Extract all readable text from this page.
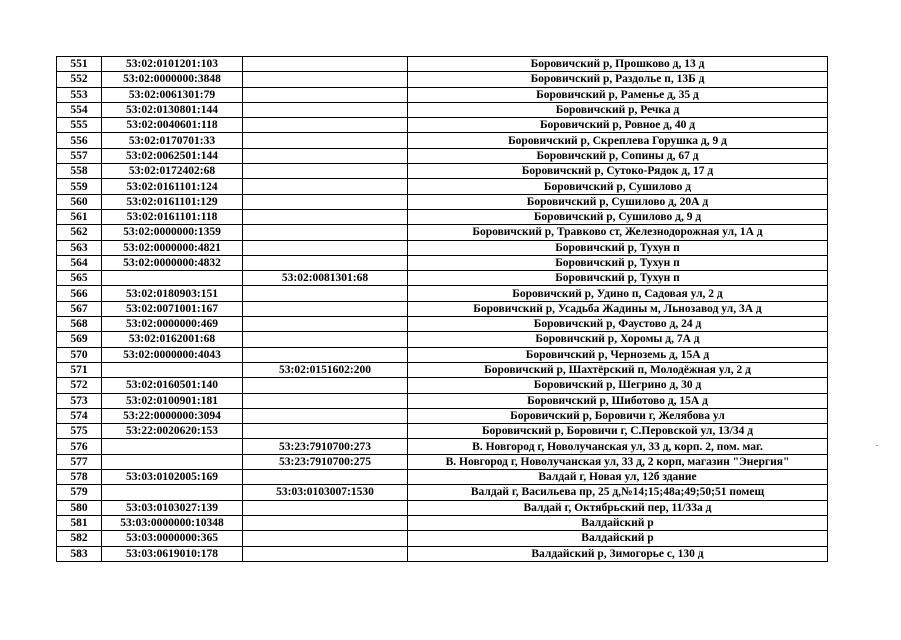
551	53:02:0101201:103		Боровичский р, Прошково д, 13 д
552	53:02:0000000:3848		Боровичский р, Раздолье п, 13Б д
553	53:02:0061301:79		Боровичский р, Раменье д, 35 д
554	53:02:0130801:144		Боровичский р, Речка д
555	53:02:0040601:118		Боровичский р, Ровное д, 40 д
556	53:02:0170701:33		Боровичский р, Скреплева Горушка д, 9 д
557	53:02:0062501:144		Боровичский р, Сопины д, 67 д
558	53:02:0172402:68		Боровичский р, Сутоко-Рядок д, 17 д
559	53:02:0161101:124		Боровичский р, Сушилово д
560	53:02:0161101:129		Боровичский р, Сушилово д, 20А д
561	53:02:0161101:118		Боровичский р, Сушилово д, 9 д
562	53:02:0000000:1359		Боровичский р, Травково ст, Железнодорожная ул, 1А д
563	53:02:0000000:4821		Боровичский р, Тухун п
564	53:02:0000000:4832		Боровичский р, Тухун п
565		53:02:0081301:68	Боровичский р, Тухун п
566	53:02:0180903:151		Боровичский р, Удино п, Садовая ул, 2 д
567	53:02:0071001:167		Боровичский р, Усадьба Жадины м, Льнозавод ул, 3А д
568	53:02:0000000:469		Боровичский р, Фаустово д, 24 д
569	53:02:0162001:68		Боровичский р, Хоромы д, 7А д
570	53:02:0000000:4043		Боровичский р, Черноземь д, 15А д
571		53:02:0151602:200	Боровичский р, Шахтёрский п, Молодёжная ул, 2 д
572	53:02:0160501:140		Боровичский р, Шегрино д, 30 д
573	53:02:0100901:181		Боровичский р, Шиботово д, 15А д
574	53:22:0000000:3094		Боровичский р, Боровичи г, Желябова ул
575	53:22:0020620:153		Боровичский р, Боровичи г, С.Перовской ул, 13/34 д
576		53:23:7910700:273	В. Новгород г, Новолучанская ул, 33 д, корп. 2, пом. маг.
577		53:23:7910700:275	В. Новгород г, Новолучанская ул, 33 д, 2 корп, магазин "Энергия"
578	53:03:0102005:169		Валдай г, Новая ул, 12б здание
579		53:03:0103007:1530	Валдай г, Васильева пр, 25 д,№14;15;48а;49;50;51 помещ
580	53:03:0103027:139		Валдай г, Октябрьский пер, 11/33а д
581	53:03:0000000:10348		Валдайский р
582	53:03:0000000:365		Валдайский р
583	53:03:0619010:178		Валдайский р, Зимогорье с, 130 д
